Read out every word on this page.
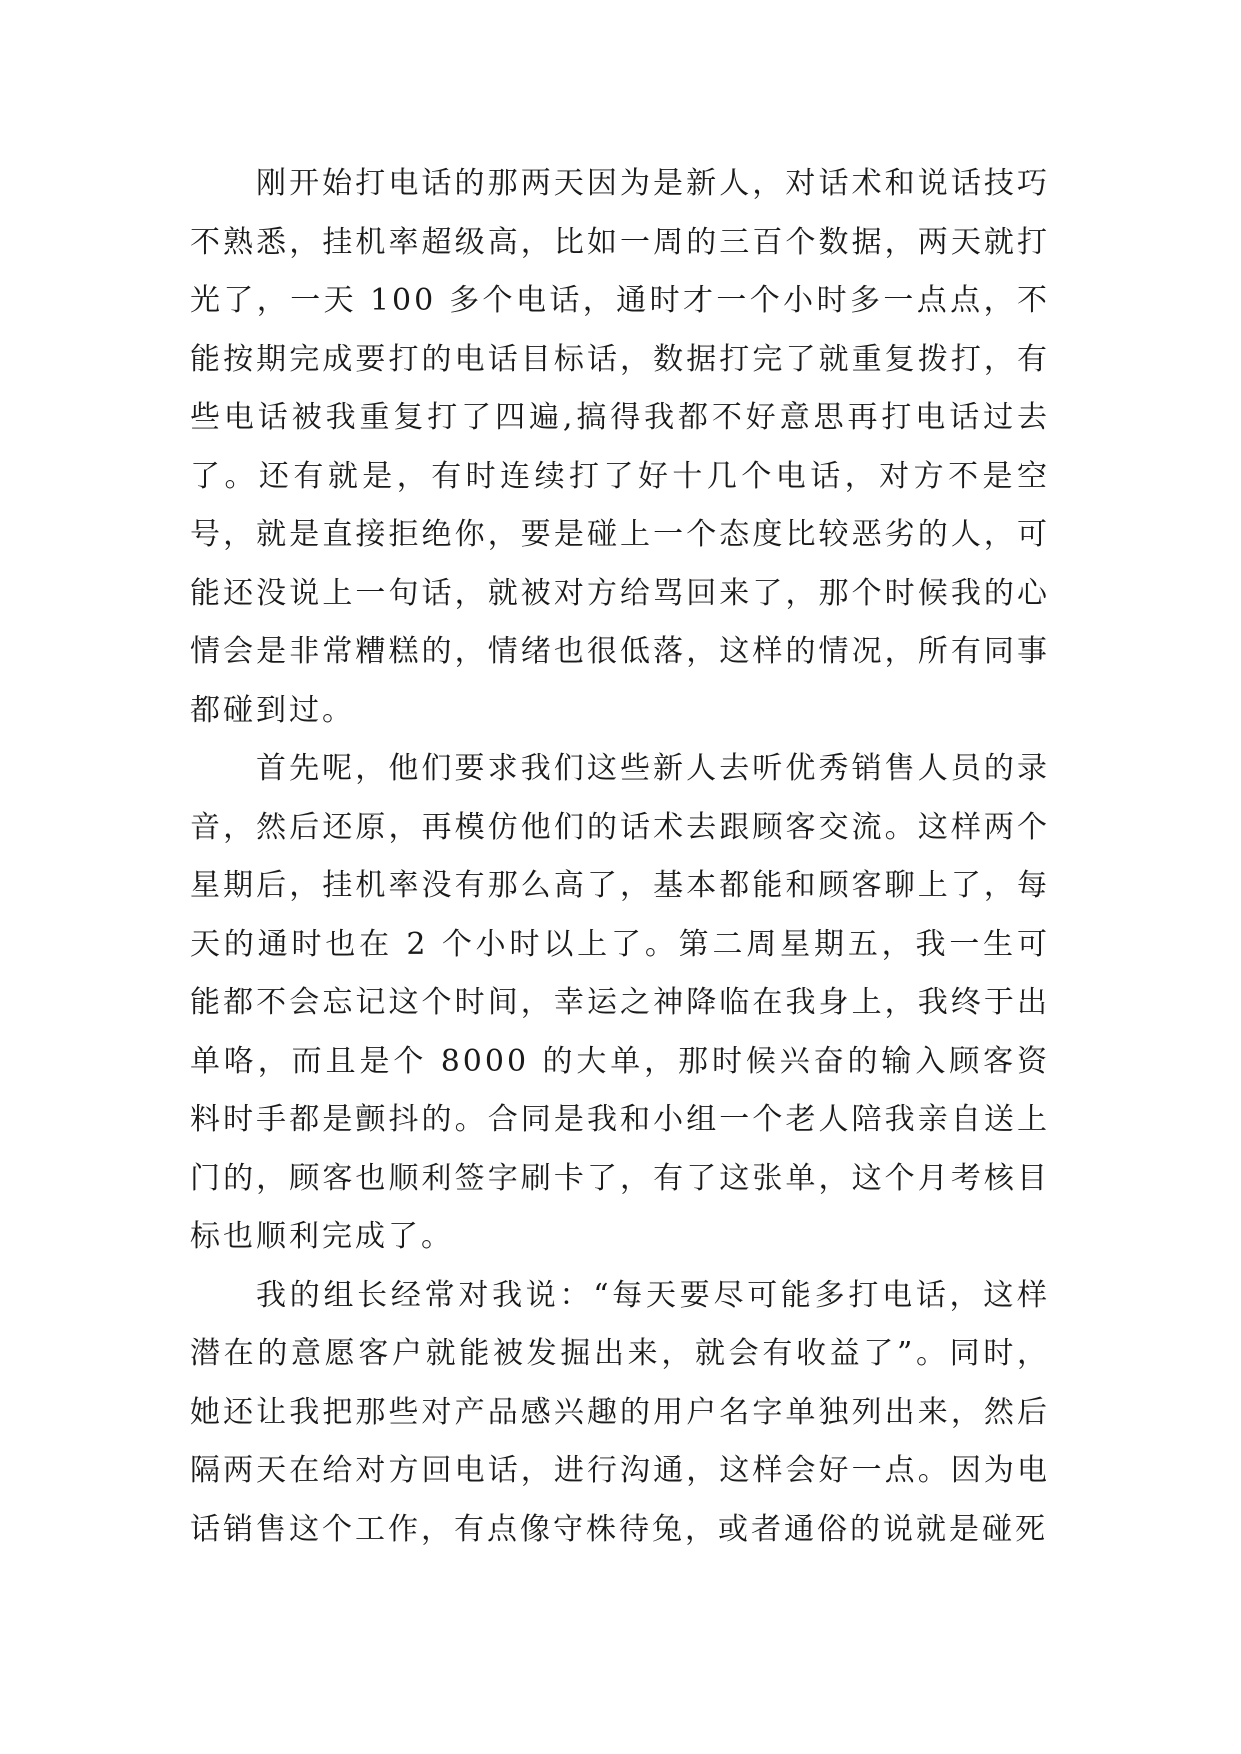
刚开始打电话的那两天因为是新人，对话术和说话技巧不熟悉，挂机率超级高，比如一周的三百个数据，两天就打光了，一天 100 多个电话，通时才一个小时多一点点，不能按期完成要打的电话目标话，数据打完了就重复拨打，有些电话被我重复打了四遍,搞得我都不好意思再打电话过去了。还有就是，有时连续打了好十几个电话，对方不是空号，就是直接拒绝你，要是碰上一个态度比较恶劣的人，可能还没说上一句话，就被对方给骂回来了，那个时候我的心情会是非常糟糕的，情绪也很低落，这样的情况，所有同事都碰到过。

首先呢，他们要求我们这些新人去听优秀销售人员的录音，然后还原，再模仿他们的话术去跟顾客交流。这样两个星期后，挂机率没有那么高了，基本都能和顾客聊上了，每天的通时也在 2 个小时以上了。第二周星期五，我一生可能都不会忘记这个时间，幸运之神降临在我身上，我终于出单咯，而且是个 8000 的大单，那时候兴奋的输入顾客资料时手都是颤抖的。合同是我和小组一个老人陪我亲自送上门的，顾客也顺利签字刷卡了，有了这张单，这个月考核目标也顺利完成了。

我的组长经常对我说：“每天要尽可能多打电话，这样潜在的意愿客户就能被发掘出来，就会有收益了”。同时，她还让我把那些对产品感兴趣的用户名字单独列出来，然后隔两天在给对方回电话，进行沟通，这样会好一点。因为电话销售这个工作，有点像守株待兔，或者通俗的说就是碰死
